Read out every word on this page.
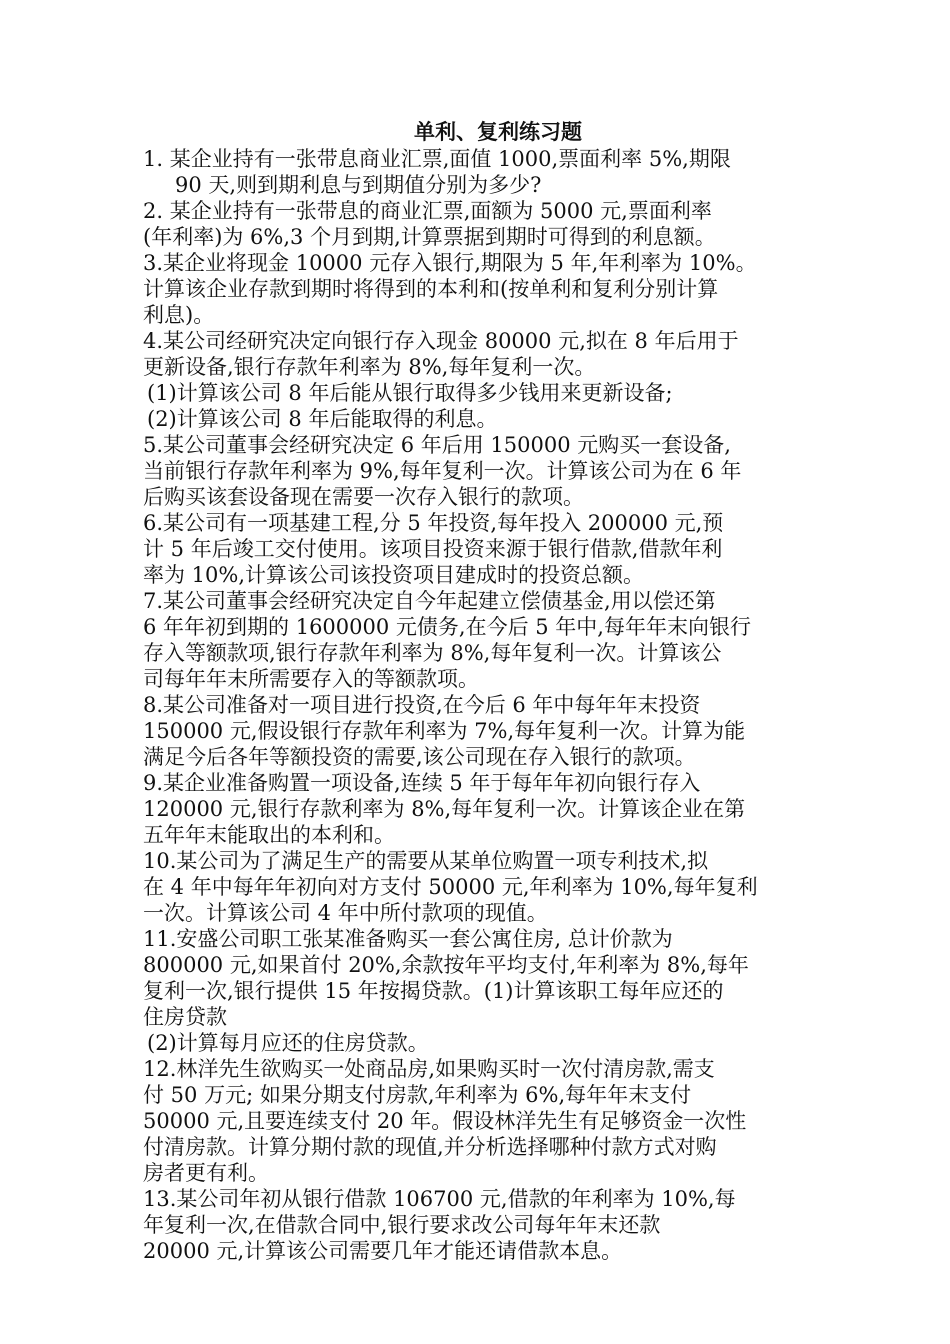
单利、复利练习题

1. 某企业持有一张带息商业汇票,面值 1000,票面利率 5%,期限

90 天,则到期利息与到期值分别为多少?

2. 某企业持有一张带息的商业汇票,面额为 5000 元,票面利率

(年利率)为 6%,3 个月到期,计算票据到期时可得到的利息额。

3.某企业将现金 10000 元存入银行,期限为 5 年,年利率为 10%。

计算该企业存款到期时将得到的本利和(按单利和复利分别计算

利息)。

4.某公司经研究决定向银行存入现金 80000 元,拟在 8 年后用于

更新设备,银行存款年利率为 8%,每年复利一次。

(1)计算该公司 8 年后能从银行取得多少钱用来更新设备;

(2)计算该公司 8 年后能取得的利息。

5.某公司董事会经研究决定 6 年后用 150000 元购买一套设备,

当前银行存款年利率为 9%,每年复利一次。计算该公司为在 6 年

后购买该套设备现在需要一次存入银行的款项。

6.某公司有一项基建工程,分 5 年投资,每年投入 200000 元,预

计 5 年后竣工交付使用。该项目投资来源于银行借款,借款年利

率为 10%,计算该公司该投资项目建成时的投资总额。

7.某公司董事会经研究决定自今年起建立偿债基金,用以偿还第

6 年年初到期的 1600000 元债务,在今后 5 年中,每年年末向银行

存入等额款项,银行存款年利率为 8%,每年复利一次。计算该公

司每年年末所需要存入的等额款项。

8.某公司准备对一项目进行投资,在今后 6 年中每年年末投资

150000 元,假设银行存款年利率为 7%,每年复利一次。计算为能

满足今后各年等额投资的需要,该公司现在存入银行的款项。

9.某企业准备购置一项设备,连续 5 年于每年年初向银行存入

120000 元,银行存款利率为 8%,每年复利一次。计算该企业在第

五年年末能取出的本利和。

10.某公司为了满足生产的需要从某单位购置一项专利技术,拟

在 4 年中每年年初向对方支付 50000 元,年利率为 10%,每年复利

一次。计算该公司 4 年中所付款项的现值。

11.安盛公司职工张某准备购买一套公寓住房, 总计价款为

800000 元,如果首付 20%,余款按年平均支付,年利率为 8%,每年

复利一次,银行提供 15 年按揭贷款。(1)计算该职工每年应还的

住房贷款

(2)计算每月应还的住房贷款。

12.林洋先生欲购买一处商品房,如果购买时一次付清房款,需支

付 50 万元; 如果分期支付房款,年利率为 6%,每年年末支付

50000 元,且要连续支付 20 年。假设林洋先生有足够资金一次性

付清房款。计算分期付款的现值,并分析选择哪种付款方式对购

房者更有利。

13.某公司年初从银行借款 106700 元,借款的年利率为 10%,每

年复利一次,在借款合同中,银行要求改公司每年年末还款

20000 元,计算该公司需要几年才能还请借款本息。
